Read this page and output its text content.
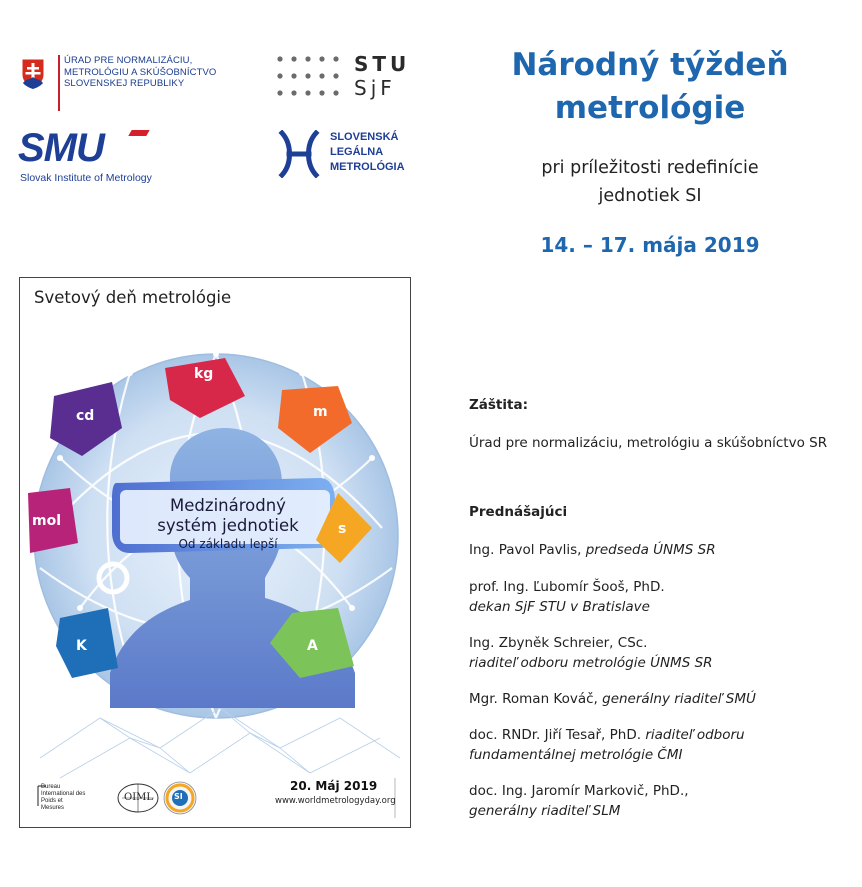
ÚRAD PRE NORMALIZÁCIU,
METROLÓGIU A SKÚŠOBNÍCTVO
SLOVENSKEJ REPUBLIKY
STU
SjF
SMU
Slovak Institute of Metrology
SLOVENSKÁ
LEGÁLNA
METROLÓGIA
Národný týždeň
metrológie
pri príležitosti redefinície
jednotiek SI
14. – 17. mája 2019
Svetový deň metrológie
Medzinárodný
systém jednotiek
Od základu lepší
kg
m
s
A
K
mol
cd
Bureau
International des
Poids et
Mesures
OIML	SI
20. Máj 2019
www.worldmetrologyday.org
Záštita:
Úrad pre normalizáciu, metrológiu a skúšobníctvo SR
Prednášajúci
Ing. Pavol Pavlis, predseda ÚNMS SR
prof. Ing. Ľubomír Šooš, PhD.
dekan SjF STU v Bratislave
Ing. Zbyněk Schreier, CSc.
riaditeľ odboru metrológie ÚNMS SR
Mgr. Roman Kováč, generálny riaditeľ SMÚ
doc. RNDr. Jiří Tesař, PhD. riaditeľ odboru
fundamentálnej metrológie ČMI
doc. Ing. Jaromír Markovič, PhD.,
generálny riaditeľ SLM
